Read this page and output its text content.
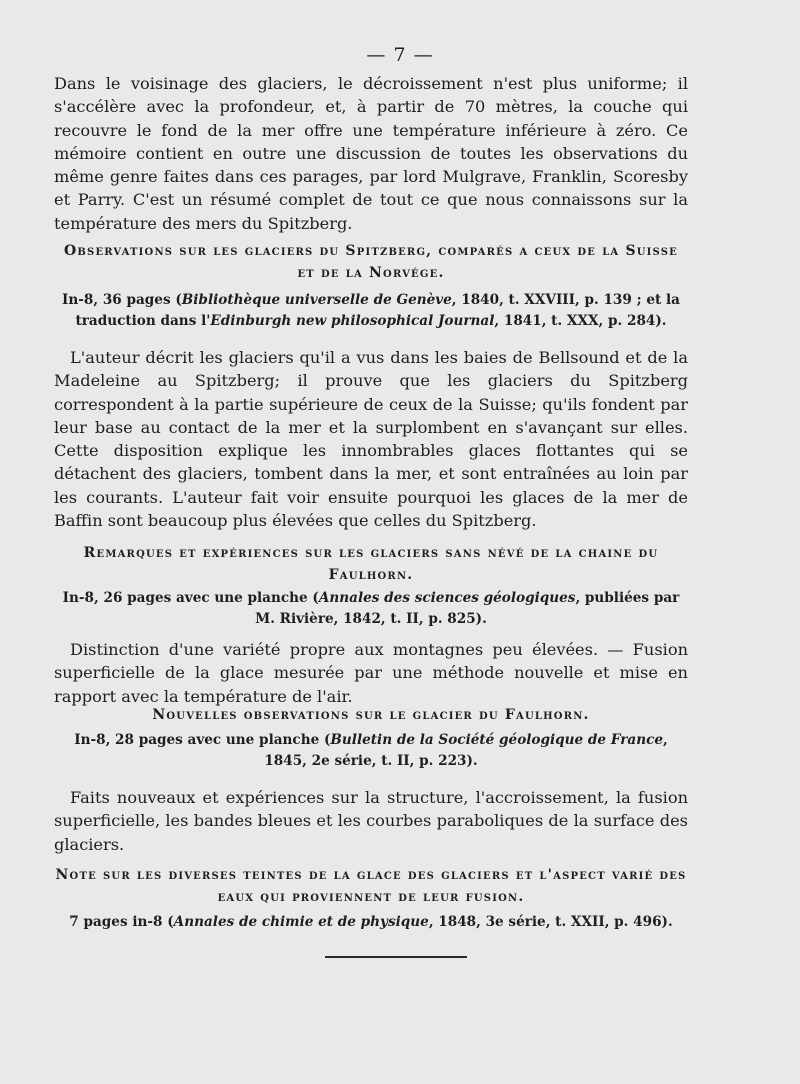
— 7 —

Dans le voisinage des glaciers, le décroissement n'est plus uniforme; il s'accélère avec la profondeur, et, à partir de 70 mètres, la couche qui recouvre le fond de la mer offre une température inférieure à zéro. Ce mémoire contient en outre une discussion de toutes les observations du même genre faites dans ces parages, par lord Mulgrave, Franklin, Scoresby et Parry. C'est un résumé complet de tout ce que nous connaissons sur la température des mers du Spitzberg.

Observations sur les glaciers du Spitzberg, comparés a ceux de la Suisse et de la Norvége.

In-8, 36 pages (Bibliothèque universelle de Genève, 1840, t. XXVIII, p. 139 ; et la traduction dans l'Edinburgh new philosophical Journal, 1841, t. XXX, p. 284).

L'auteur décrit les glaciers qu'il a vus dans les baies de Bellsound et de la Madeleine au Spitzberg; il prouve que les glaciers du Spitzberg correspondent à la partie supérieure de ceux de la Suisse; qu'ils fondent par leur base au contact de la mer et la surplombent en s'avançant sur elles. Cette disposition explique les innombrables glaces flottantes qui se détachent des glaciers, tombent dans la mer, et sont entraînées au loin par les courants. L'auteur fait voir ensuite pourquoi les glaces de la mer de Baffin sont beaucoup plus élevées que celles du Spitzberg.

Remarques et expériences sur les glaciers sans névé de la chaine du Faulhorn.

In-8, 26 pages avec une planche (Annales des sciences géologiques, publiées par M. Rivière, 1842, t. II, p. 825).

Distinction d'une variété propre aux montagnes peu élevées. — Fusion superficielle de la glace mesurée par une méthode nouvelle et mise en rapport avec la température de l'air.

Nouvelles observations sur le glacier du Faulhorn.

In-8, 28 pages avec une planche (Bulletin de la Société géologique de France, 1845, 2e série, t. II, p. 223).

Faits nouveaux et expériences sur la structure, l'accroissement, la fusion superficielle, les bandes bleues et les courbes paraboliques de la surface des glaciers.

Note sur les diverses teintes de la glace des glaciers et l'aspect varié des eaux qui proviennent de leur fusion.

7 pages in-8 (Annales de chimie et de physique, 1848, 3e série, t. XXII, p. 496).
